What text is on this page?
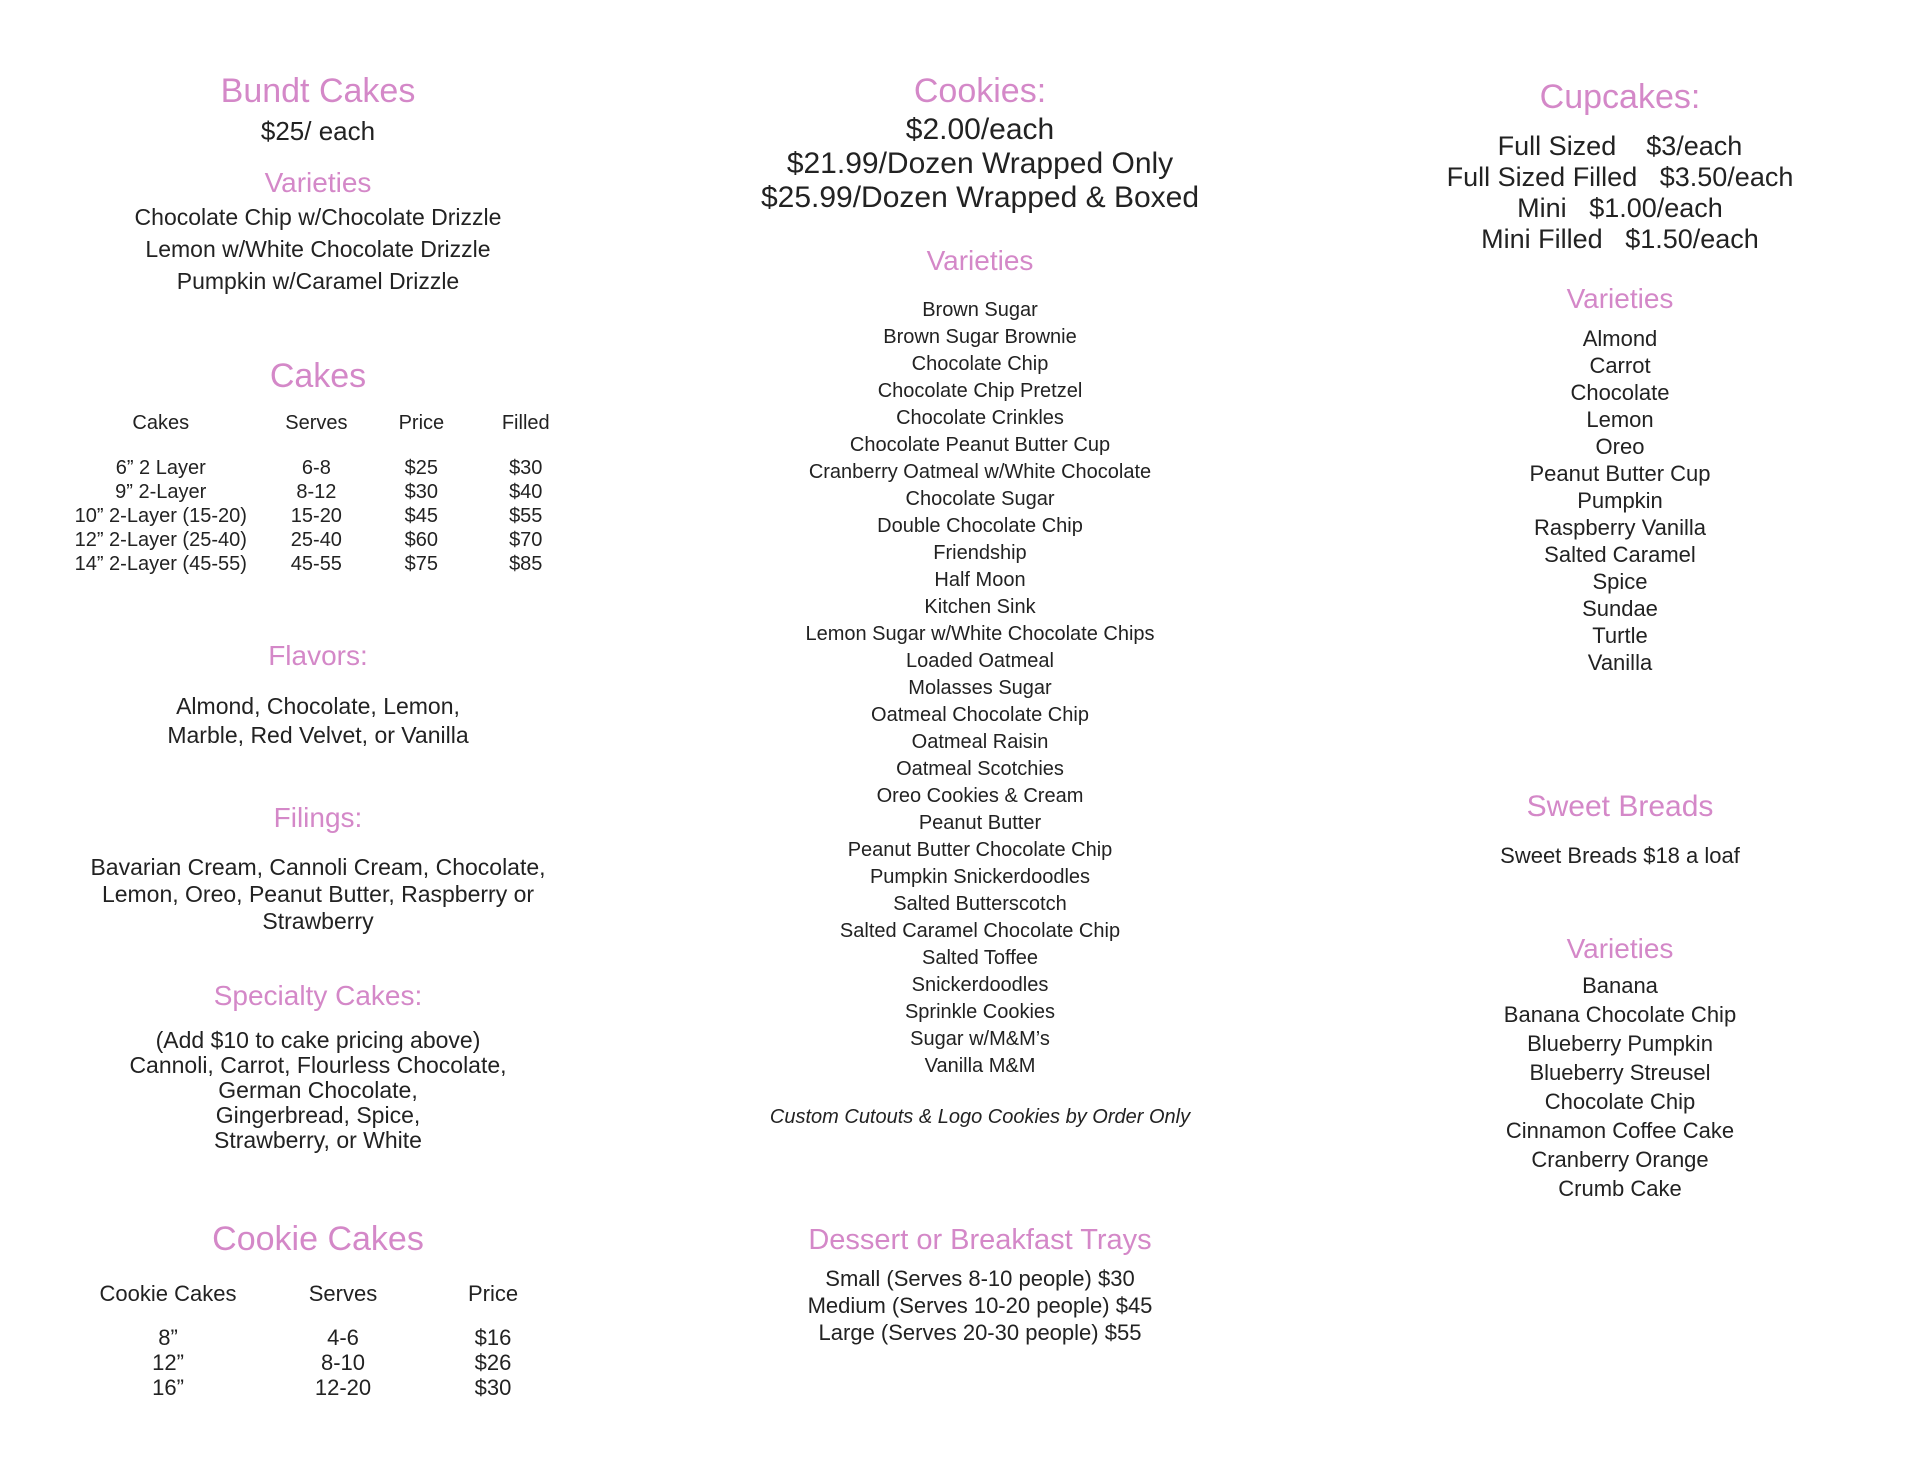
Bundt Cakes
$25/ each
Varieties
Chocolate Chip w/Chocolate Drizzle
Lemon w/White Chocolate Drizzle
Pumpkin w/Caramel Drizzle
Cakes
Cakes	Serves	Price	Filled
6” 2 Layer	6-8	$25	$30
9” 2-Layer	8-12	$30	$40
10” 2-Layer (15-20)	15-20	$45	$55
12” 2-Layer (25-40)	25-40	$60	$70
14” 2-Layer (45-55)	45-55	$75	$85
Flavors:
Almond, Chocolate, Lemon,
Marble, Red Velvet, or Vanilla
Filings:
Bavarian Cream, Cannoli Cream, Chocolate,
Lemon, Oreo, Peanut Butter, Raspberry or
Strawberry
Specialty Cakes:
(Add $10 to cake pricing above)
Cannoli, Carrot, Flourless Chocolate,
German Chocolate,
Gingerbread, Spice,
Strawberry, or White
Cookie Cakes
Cookie Cakes	Serves	Price
8”	4-6	$16
12”	8-10	$26
16”	12-20	$30
Cookies:
$2.00/each
$21.99/Dozen Wrapped Only
$25.99/Dozen Wrapped & Boxed
Varieties
Brown Sugar
Brown Sugar Brownie
Chocolate Chip
Chocolate Chip Pretzel
Chocolate Crinkles
Chocolate Peanut Butter Cup
Cranberry Oatmeal w/White Chocolate
Chocolate Sugar
Double Chocolate Chip
Friendship
Half Moon
Kitchen Sink
Lemon Sugar w/White Chocolate Chips
Loaded Oatmeal
Molasses Sugar
Oatmeal Chocolate Chip
Oatmeal Raisin
Oatmeal Scotchies
Oreo Cookies & Cream
Peanut Butter
Peanut Butter Chocolate Chip
Pumpkin Snickerdoodles
Salted Butterscotch
Salted Caramel Chocolate Chip
Salted Toffee
Snickerdoodles
Sprinkle Cookies
Sugar w/M&M’s
Vanilla M&M
Custom Cutouts & Logo Cookies by Order Only
Dessert or Breakfast Trays
Small (Serves 8-10 people) $30
Medium (Serves 10-20 people) $45
Large (Serves 20-30 people) $55
Cupcakes:
Full Sized $3/each
Full Sized Filled $3.50/each
Mini $1.00/each
Mini Filled $1.50/each
Varieties
Almond
Carrot
Chocolate
Lemon
Oreo
Peanut Butter Cup
Pumpkin
Raspberry Vanilla
Salted Caramel
Spice
Sundae
Turtle
Vanilla
Sweet Breads
Sweet Breads $18 a loaf
Varieties
Banana
Banana Chocolate Chip
Blueberry Pumpkin
Blueberry Streusel
Chocolate Chip
Cinnamon Coffee Cake
Cranberry Orange
Crumb Cake
